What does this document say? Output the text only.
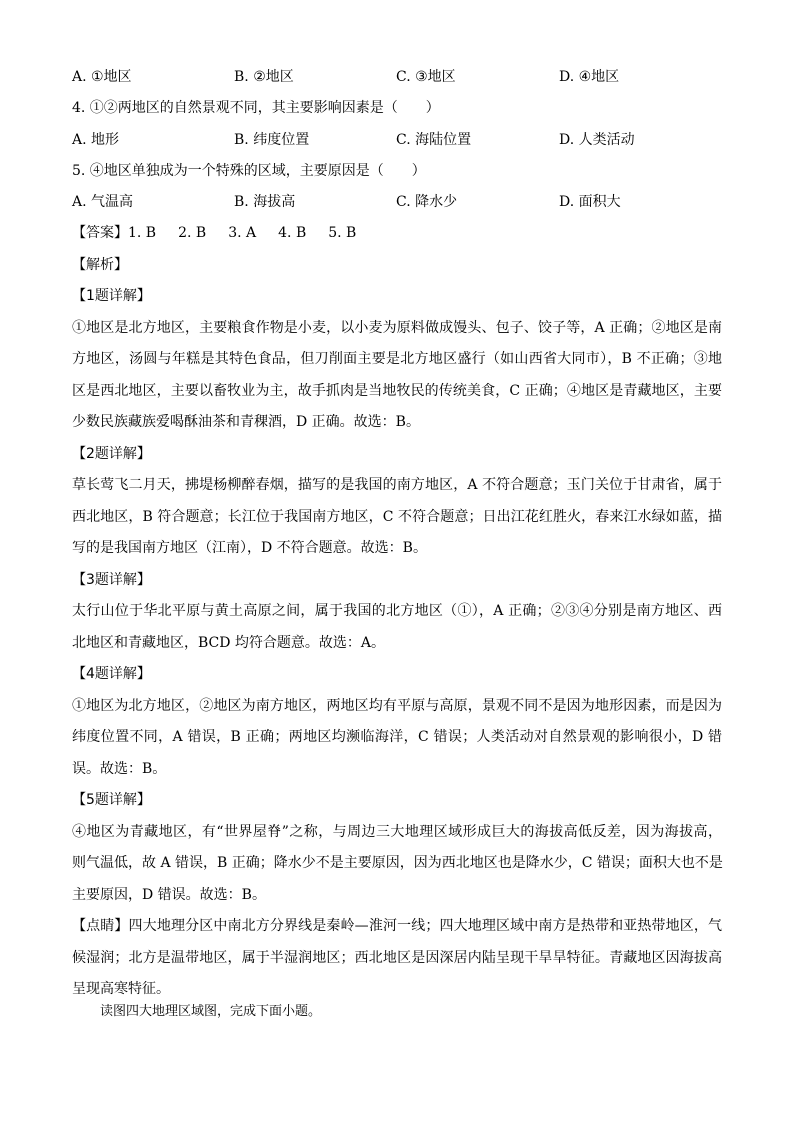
A. ①地区	B. ②地区	C. ③地区	D. ④地区
4. ①②两地区的自然景观不同，其主要影响因素是（　　）
A. 地形	B. 纬度位置	C. 海陆位置	D. 人类活动
5. ④地区单独成为一个特殊的区域，主要原因是（　　）
A. 气温高	B. 海拔高	C. 降水少	D. 面积大
【答案】1. B 2. B 3. A 4. B 5. B
【解析】
【1题详解】
①地区是北方地区，主要粮食作物是小麦，以小麦为原料做成馒头、包子、饺子等，A 正确；②地区是南
方地区，汤圆与年糕是其特色食品，但刀削面主要是北方地区盛行（如山西省大同市），B 不正确；③地
区是西北地区，主要以畜牧业为主，故手抓肉是当地牧民的传统美食，C 正确；④地区是青藏地区，主要
少数民族藏族爱喝酥油茶和青稞酒，D 正确。故选：B。
【2题详解】
草长莺飞二月天，拂堤杨柳醉春烟，描写的是我国的南方地区，A 不符合题意；玉门关位于甘肃省，属于
西北地区，B 符合题意；长江位于我国南方地区，C 不符合题意；日出江花红胜火，春来江水绿如蓝，描
写的是我国南方地区（江南），D 不符合题意。故选：B。
【3题详解】
太行山位于华北平原与黄土高原之间，属于我国的北方地区（①），A 正确；②③④分别是南方地区、西
北地区和青藏地区，BCD 均符合题意。故选：A。
【4题详解】
①地区为北方地区，②地区为南方地区，两地区均有平原与高原，景观不同不是因为地形因素，而是因为
纬度位置不同，A 错误，B 正确；两地区均濒临海洋，C 错误；人类活动对自然景观的影响很小，D 错
误。故选：B。
【5题详解】
④地区为青藏地区，有“世界屋脊”之称，与周边三大地理区域形成巨大的海拔高低反差，因为海拔高，
则气温低，故 A 错误，B 正确；降水少不是主要原因，因为西北地区也是降水少，C 错误；面积大也不是
主要原因，D 错误。故选：B。
【点睛】四大地理分区中南北方分界线是秦岭—淮河一线；四大地理区域中南方是热带和亚热带地区，气
候湿润；北方是温带地区，属于半湿润地区；西北地区是因深居内陆呈现干旱旱特征。青藏地区因海拔高
呈现高寒特征。
读图四大地理区域图，完成下面小题。
